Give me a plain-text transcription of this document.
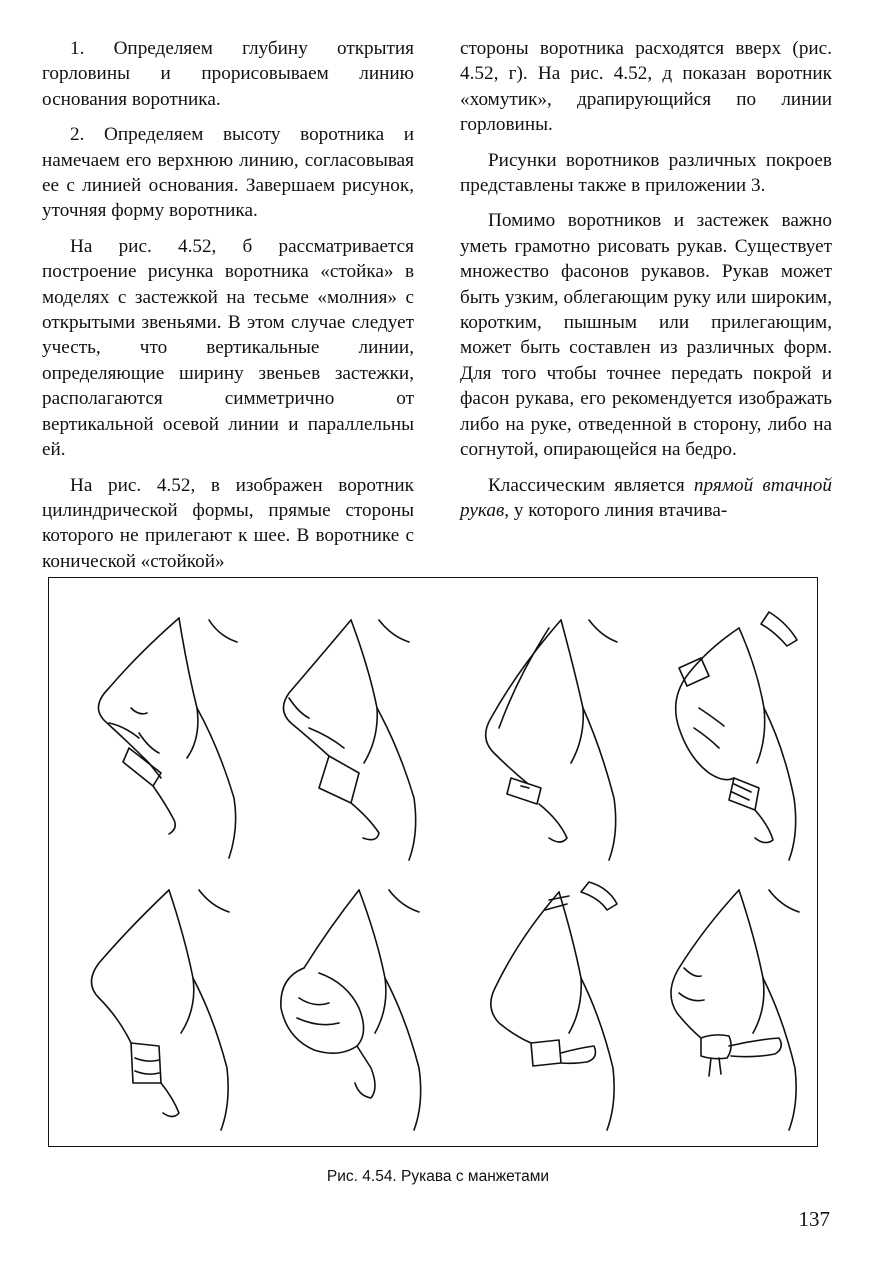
1. Определяем глубину открытия горловины и прорисовываем линию основания воротника.

2. Определяем высоту воротника и намечаем его верхнюю линию, согласовывая ее с линией основания. Завершаем рисунок, уточняя форму воротника.

На рис. 4.52, б рассматривается построение рисунка воротника «стойка» в моделях с застежкой на тесьме «молния» с открытыми звеньями. В этом случае следует учесть, что вертикальные линии, определяющие ширину звеньев застежки, располагаются симметрично от вертикальной осевой линии и параллельны ей.

На рис. 4.52, в изображен воротник цилиндрической формы, прямые стороны которого не прилегают к шее. В воротнике с конической «стойкой»

стороны воротника расходятся вверх (рис. 4.52, г). На рис. 4.52, д показан воротник «хомутик», драпирующийся по линии горловины.

Рисунки воротников различных покроев представлены также в приложении 3.

Помимо воротников и застежек важно уметь грамотно рисовать рукав. Существует множество фасонов рукавов. Рукав может быть узким, облегающим руку или широким, коротким, пышным или прилегающим, может быть составлен из различных форм. Для того чтобы точнее передать покрой и фасон рукава, его рекомендуется изображать либо на руке, отведенной в сторону, либо на согнутой, опирающейся на бедро.

Классическим является прямой втачной рукав, у которого линия втачива-

Рис. 4.54. Рукава с манжетами
137
